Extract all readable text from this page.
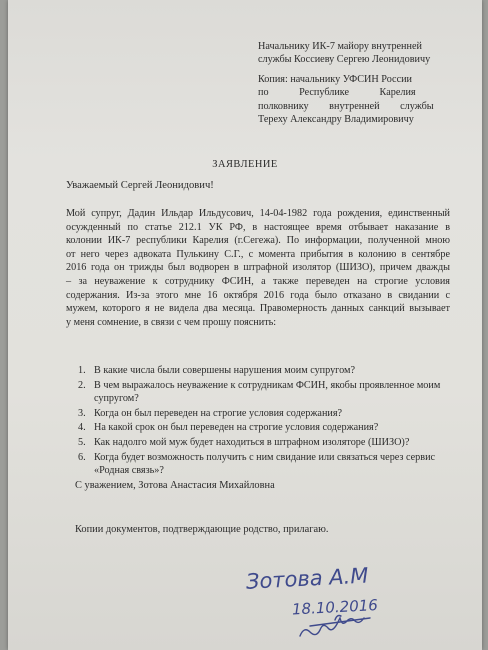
Начальнику ИК-7 майору внутренней
службы Коссиеву Сергею Леонидовичу
Копия: начальнику УФСИН России
по Республике Карелия
полковнику внутренней службы
Тереху Александру Владимировичу
ЗАЯВЛЕНИЕ
Уважаемый Сергей Леонидович!
Мой супруг, Дадин Ильдар Ильдусович, 14-04-1982 года рождения, единственный
осужденный по статье 212.1 УК РФ, в настоящее время отбывает наказание в
колонии ИК-7 республики Карелия (г.Сегежа). По информации, полученной мною
от него через адвоката Пулькину С.Г., с момента прибытия в колонию в сентябре
2016 года он трижды был водворен в штрафной изолятор (ШИЗО), причем дважды
– за неуважение к сотруднику ФСИН, а также переведен на строгие условия
содержания. Из-за этого мне 16 октября 2016 года было отказано в свидании с
мужем, которого я не видела два месяца. Правомерность данных санкций вызывает
у меня сомнение, в связи с чем прошу пояснить:
1. В какие числа были совершены нарушения моим супругом?
2. В чем выражалось неуважение к сотрудникам ФСИН, якобы проявленное моим супругом?
3. Когда он был переведен на строгие условия содержания?
4. На какой срок он был переведен на строгие условия содержания?
5. Как надолго мой муж будет находиться в штрафном изоляторе (ШИЗО)?
6. Когда будет возможность получить с ним свидание или связаться через сервис «Родная связь»?
С уважением, Зотова Анастасия Михайловна
Копии документов, подтверждающие родство, прилагаю.
Зотова А.М
18.10.2016
